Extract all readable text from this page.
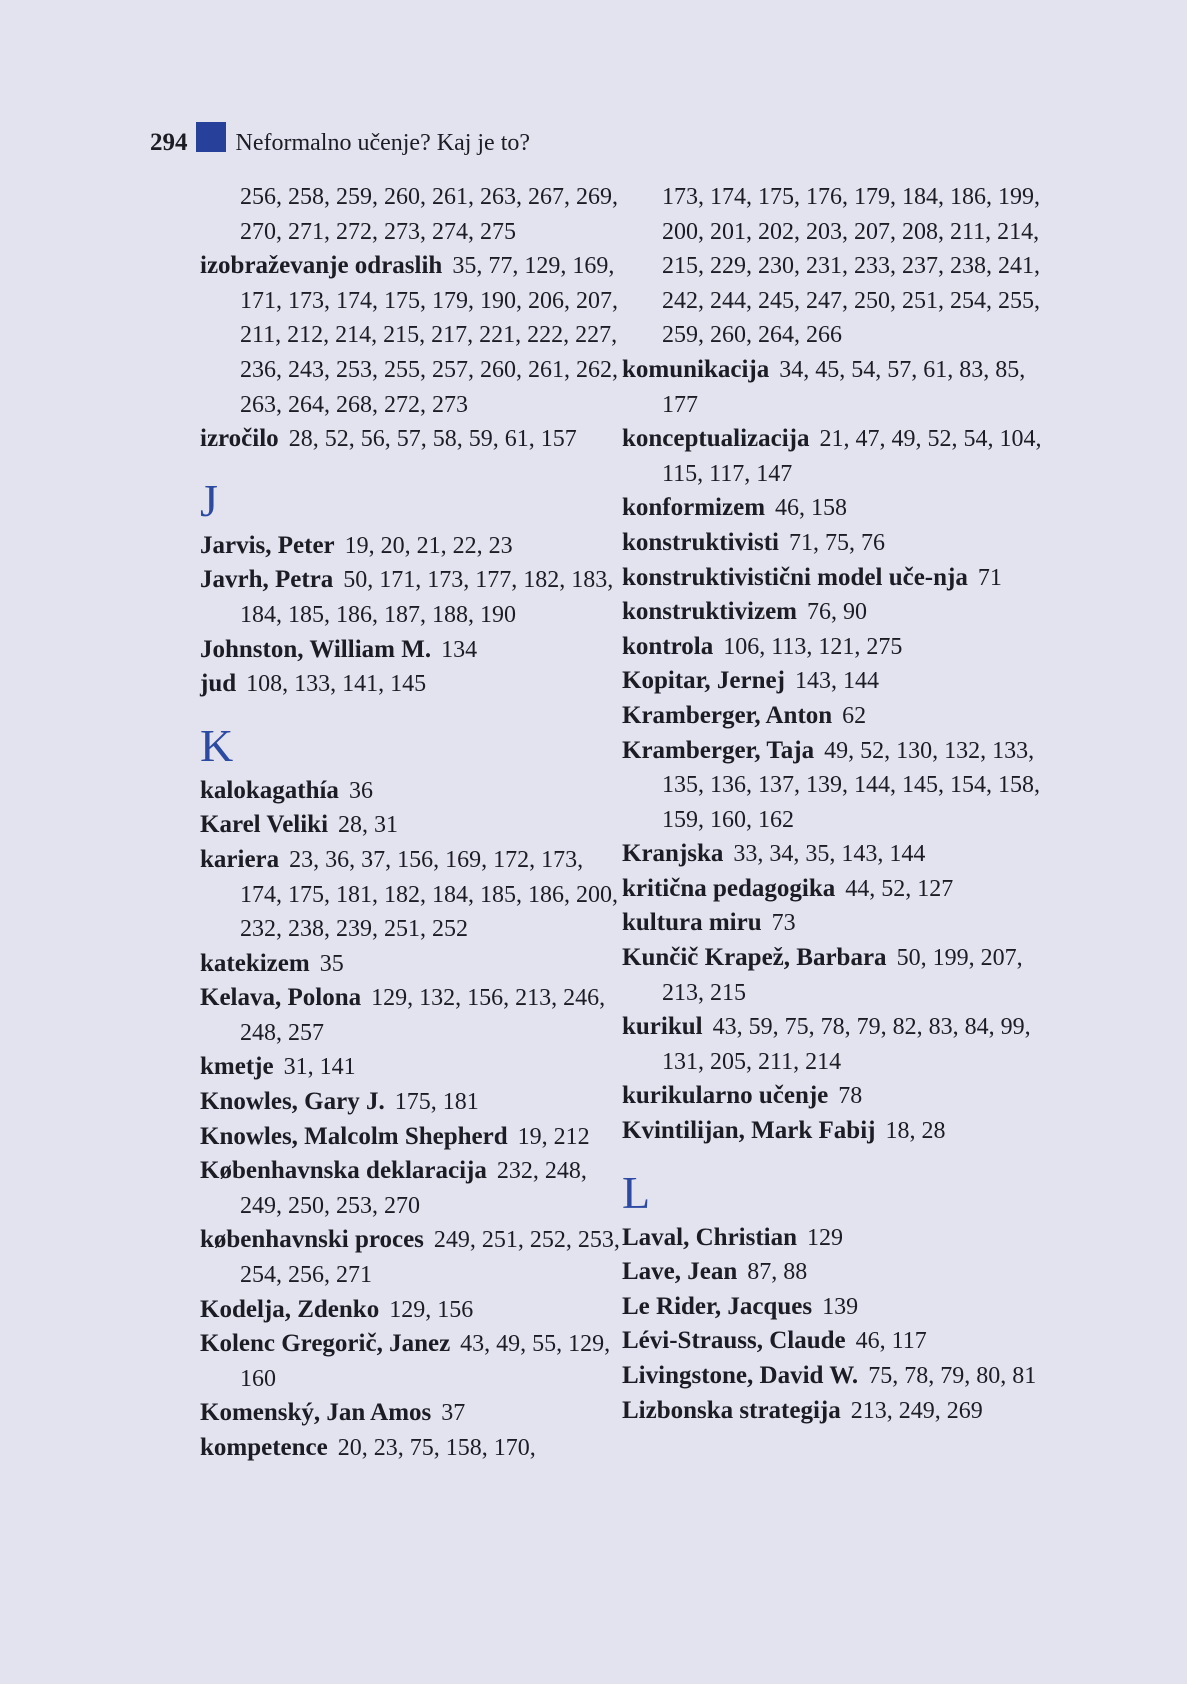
294 Neformalno učenje? Kaj je to?
256, 258, 259, 260, 261, 263, 267, 269, 270, 271, 272, 273, 274, 275
izobraževanje odraslih 35, 77, 129, 169, 171, 173, 174, 175, 179, 190, 206, 207, 211, 212, 214, 215, 217, 221, 222, 227, 236, 243, 253, 255, 257, 260, 261, 262, 263, 264, 268, 272, 273
izročilo 28, 52, 56, 57, 58, 59, 61, 157
J
Jarvis, Peter 19, 20, 21, 22, 23
Javrh, Petra 50, 171, 173, 177, 182, 183, 184, 185, 186, 187, 188, 190
Johnston, William M. 134
jud 108, 133, 141, 145
K
kalokagathía 36
Karel Veliki 28, 31
kariera 23, 36, 37, 156, 169, 172, 173, 174, 175, 181, 182, 184, 185, 186, 200, 232, 238, 239, 251, 252
katekizem 35
Kelava, Polona 129, 132, 156, 213, 246, 248, 257
kmetje 31, 141
Knowles, Gary J. 175, 181
Knowles, Malcolm Shepherd 19, 212
Københavnska deklaracija 232, 248, 249, 250, 253, 270
københavnski proces 249, 251, 252, 253, 254, 256, 271
Kodelja, Zdenko 129, 156
Kolenc Gregorič, Janez 43, 49, 55, 129, 160
Komenský, Jan Amos 37
kompetence 20, 23, 75, 158, 170,
173, 174, 175, 176, 179, 184, 186, 199, 200, 201, 202, 203, 207, 208, 211, 214, 215, 229, 230, 231, 233, 237, 238, 241, 242, 244, 245, 247, 250, 251, 254, 255, 259, 260, 264, 266
komunikacija 34, 45, 54, 57, 61, 83, 85, 177
konceptualizacija 21, 47, 49, 52, 54, 104, 115, 117, 147
konformizem 46, 158
konstruktivisti 71, 75, 76
konstruktivistični model uče-nja 71
konstruktivizem 76, 90
kontrola 106, 113, 121, 275
Kopitar, Jernej 143, 144
Kramberger, Anton 62
Kramberger, Taja 49, 52, 130, 132, 133, 135, 136, 137, 139, 144, 145, 154, 158, 159, 160, 162
Kranjska 33, 34, 35, 143, 144
kritična pedagogika 44, 52, 127
kultura miru 73
Kunčič Krapež, Barbara 50, 199, 207, 213, 215
kurikul 43, 59, 75, 78, 79, 82, 83, 84, 99, 131, 205, 211, 214
kurikularno učenje 78
Kvintilijan, Mark Fabij 18, 28
L
Laval, Christian 129
Lave, Jean 87, 88
Le Rider, Jacques 139
Lévi-Strauss, Claude 46, 117
Livingstone, David W. 75, 78, 79, 80, 81
Lizbonska strategija 213, 249, 269
